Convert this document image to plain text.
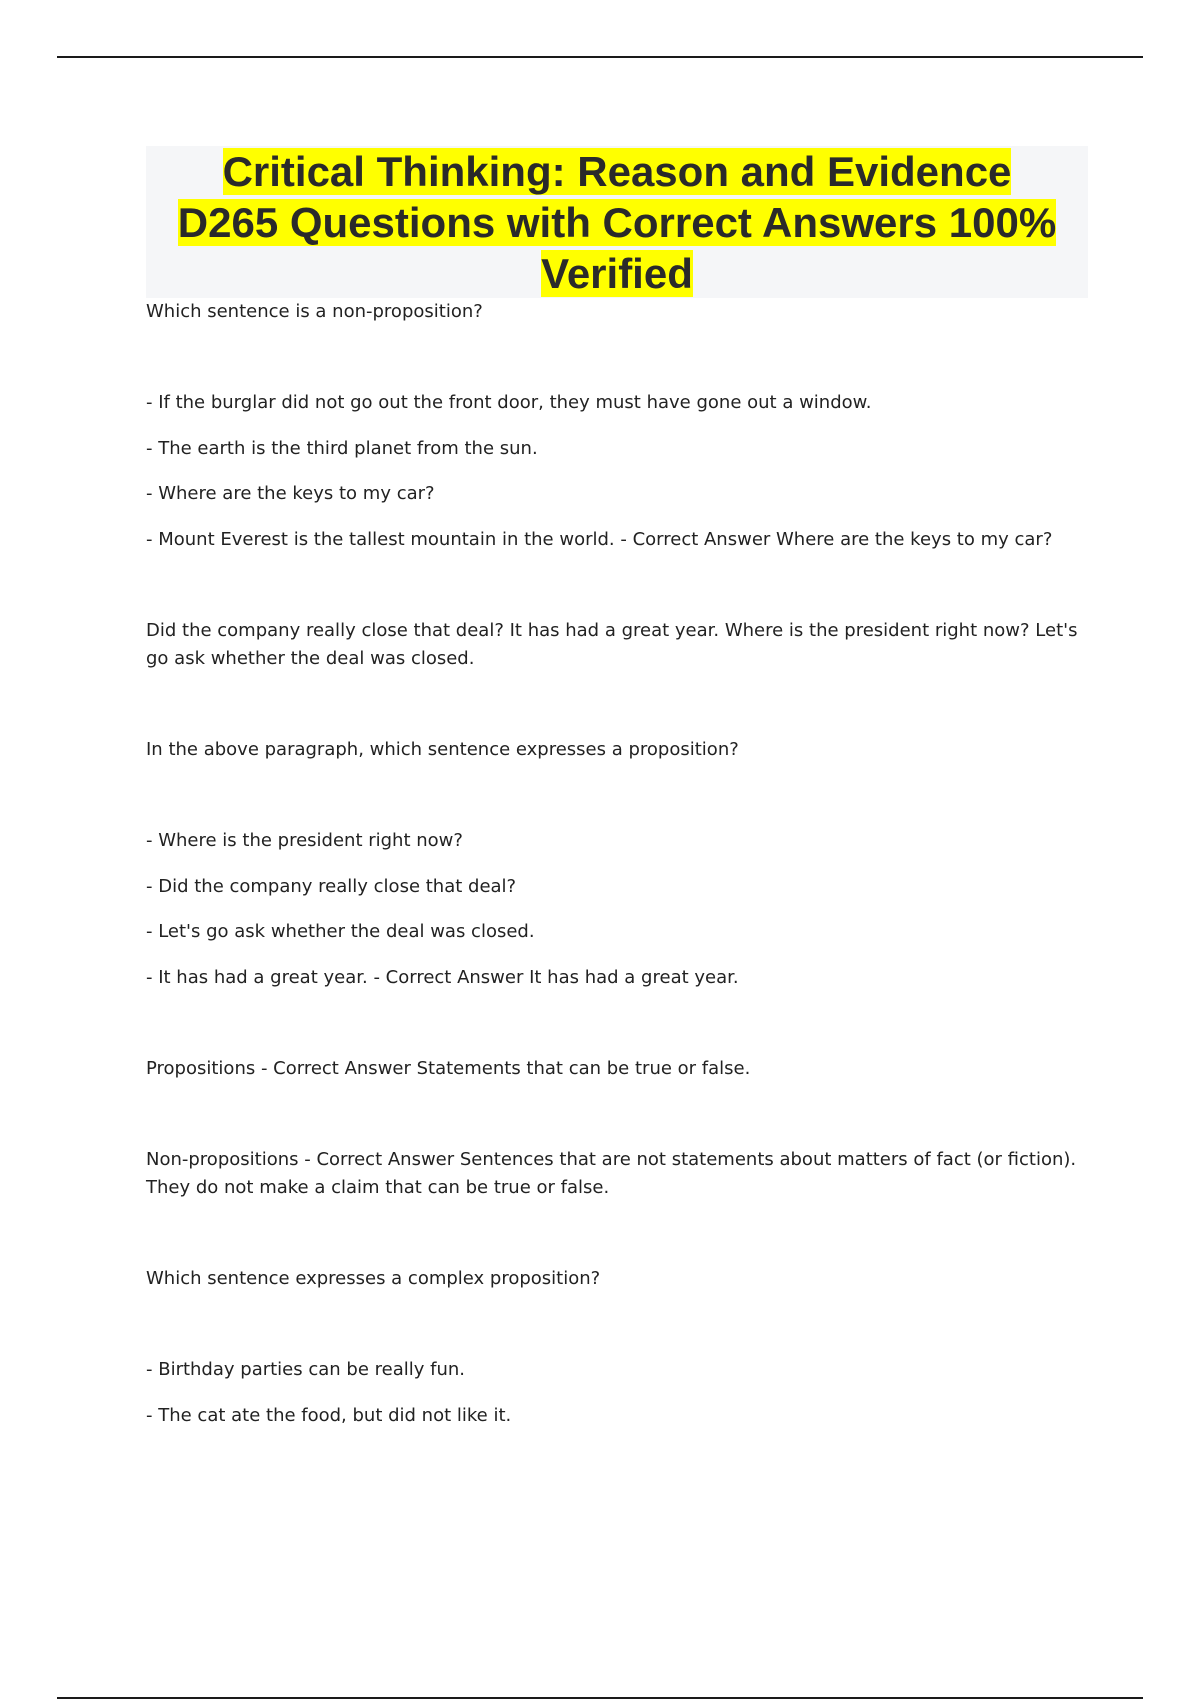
Critical Thinking: Reason and Evidence
D265 Questions with Correct Answers 100%
Verified
Which sentence is a non-proposition?
- If the burglar did not go out the front door, they must have gone out a window.
- The earth is the third planet from the sun.
- Where are the keys to my car?
- Mount Everest is the tallest mountain in the world. - Correct Answer Where are the keys to my car?
Did the company really close that deal? It has had a great year. Where is the president right now? Let's go ask whether the deal was closed.
In the above paragraph, which sentence expresses a proposition?
- Where is the president right now?
- Did the company really close that deal?
- Let's go ask whether the deal was closed.
- It has had a great year. - Correct Answer It has had a great year.
Propositions - Correct Answer Statements that can be true or false.
Non-propositions - Correct Answer Sentences that are not statements about matters of fact (or fiction). They do not make a claim that can be true or false.
Which sentence expresses a complex proposition?
- Birthday parties can be really fun.
- The cat ate the food, but did not like it.
